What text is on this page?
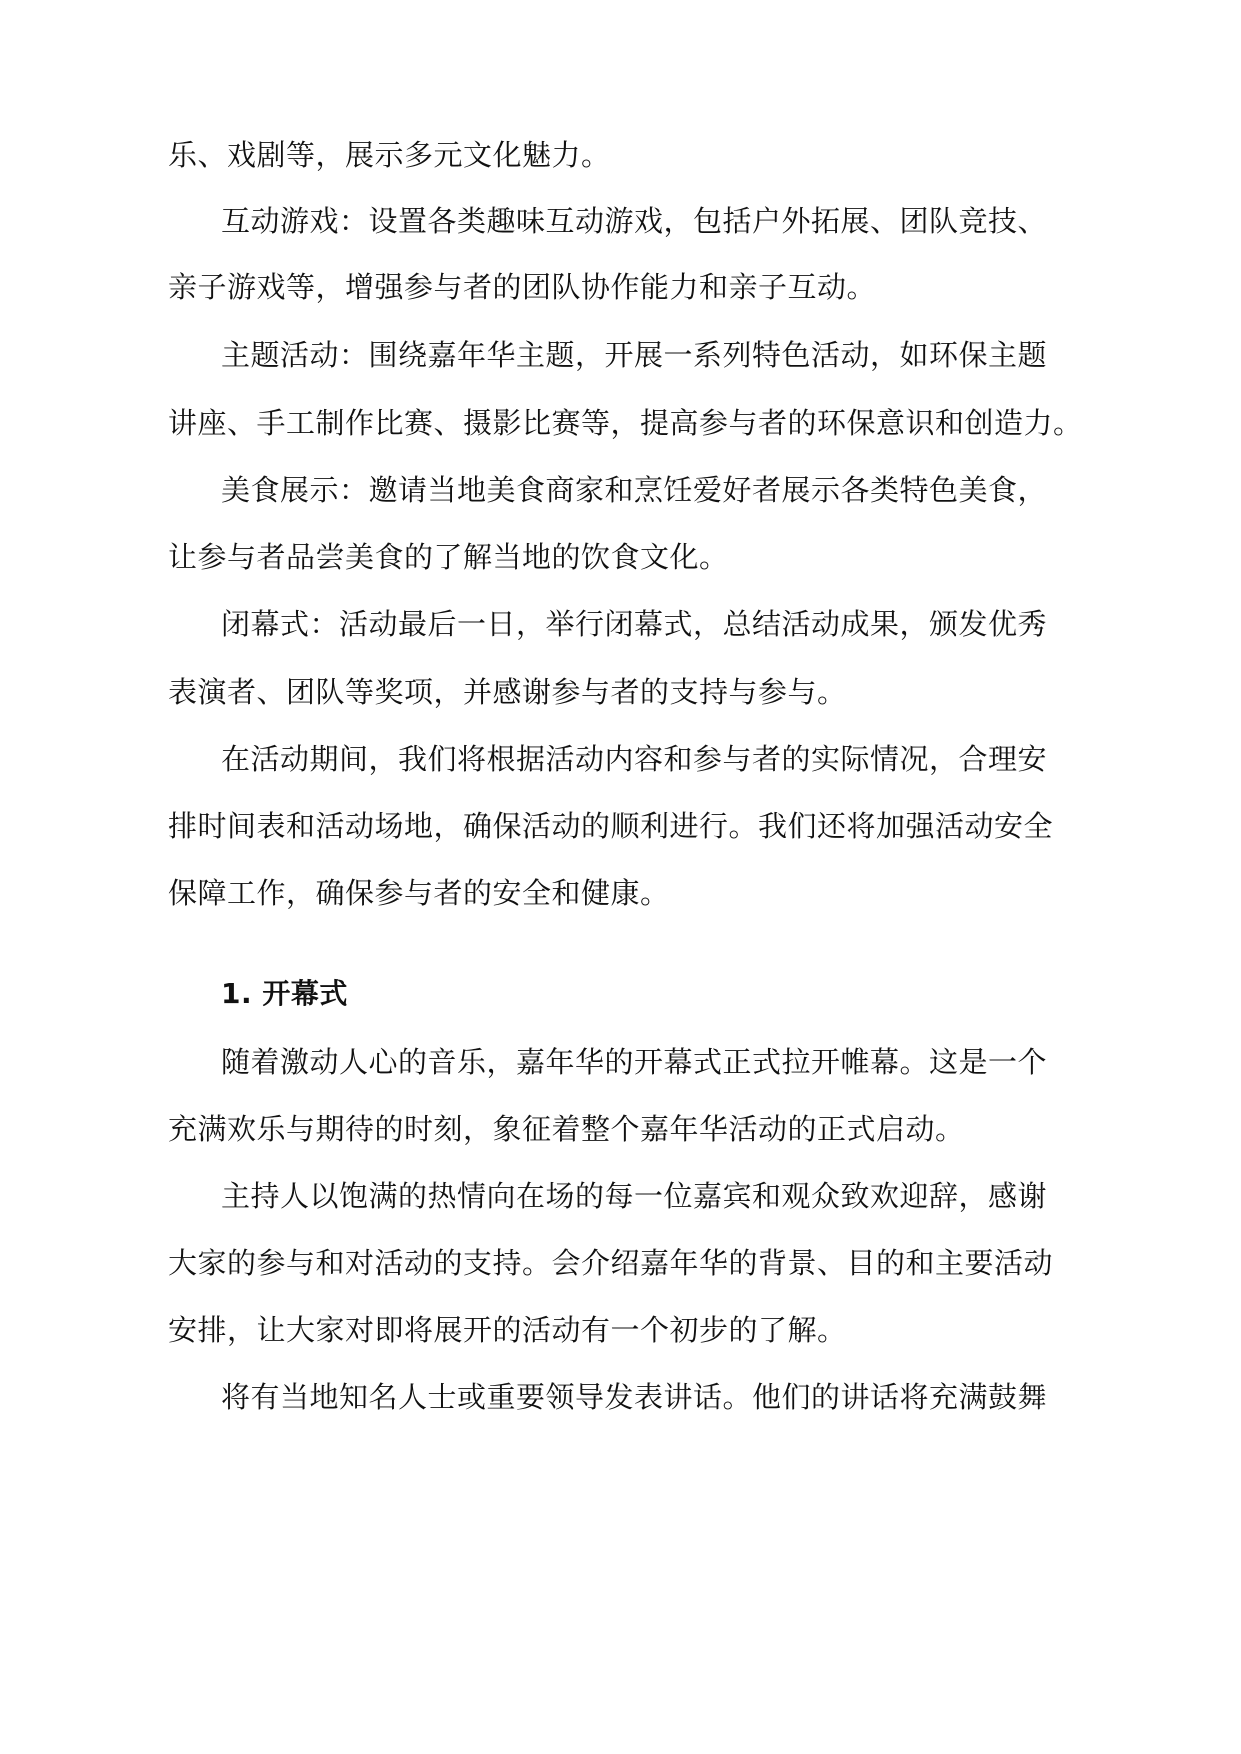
乐、戏剧等，展示多元文化魅力。
互动游戏：设置各类趣味互动游戏，包括户外拓展、团队竞技、
亲子游戏等，增强参与者的团队协作能力和亲子互动。
主题活动：围绕嘉年华主题，开展一系列特色活动，如环保主题
讲座、手工制作比赛、摄影比赛等，提高参与者的环保意识和创造力。
美食展示：邀请当地美食商家和烹饪爱好者展示各类特色美食，
让参与者品尝美食的了解当地的饮食文化。
闭幕式：活动最后一日，举行闭幕式，总结活动成果，颁发优秀
表演者、团队等奖项，并感谢参与者的支持与参与。
在活动期间，我们将根据活动内容和参与者的实际情况，合理安
排时间表和活动场地，确保活动的顺利进行。我们还将加强活动安全
保障工作，确保参与者的安全和健康。
1. 开幕式
随着激动人心的音乐，嘉年华的开幕式正式拉开帷幕。这是一个
充满欢乐与期待的时刻，象征着整个嘉年华活动的正式启动。
主持人以饱满的热情向在场的每一位嘉宾和观众致欢迎辞，感谢
大家的参与和对活动的支持。会介绍嘉年华的背景、目的和主要活动
安排，让大家对即将展开的活动有一个初步的了解。
将有当地知名人士或重要领导发表讲话。他们的讲话将充满鼓舞
